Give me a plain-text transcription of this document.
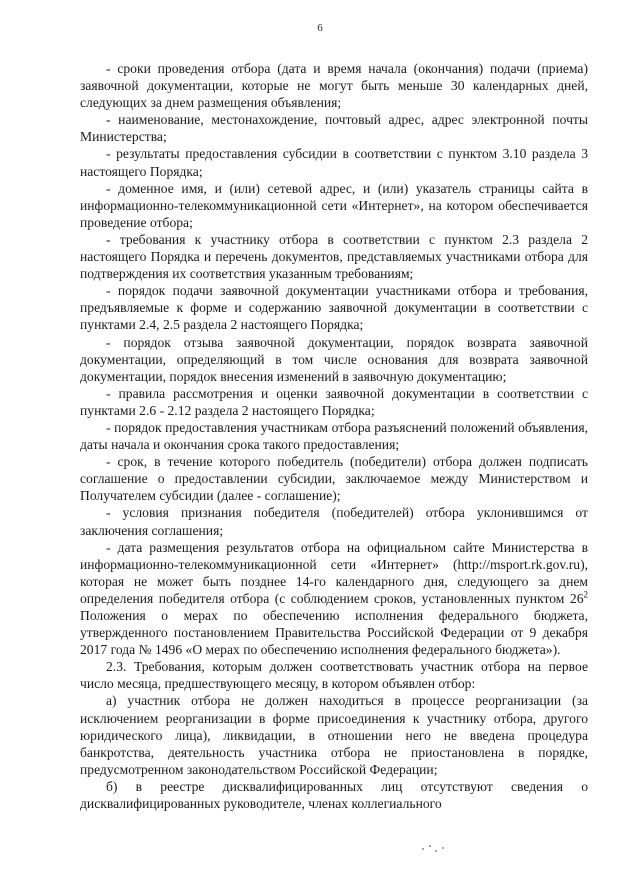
6

- сроки проведения отбора (дата и время начала (окончания) подачи (приема) заявочной документации, которые не могут быть меньше 30 календарных дней, следующих за днем размещения объявления;

- наименование, местонахождение, почтовый адрес, адрес электронной почты Министерства;

- результаты предоставления субсидии в соответствии с пунктом 3.10 раздела 3 настоящего Порядка;

- доменное имя, и (или) сетевой адрес, и (или) указатель страницы сайта в информационно-телекоммуникационной сети «Интернет», на котором обеспечивается проведение отбора;

- требования к участнику отбора в соответствии с пунктом 2.3 раздела 2 настоящего Порядка и перечень документов, представляемых участниками отбора для подтверждения их соответствия указанным требованиям;

- порядок подачи заявочной документации участниками отбора и требования, предъявляемые к форме и содержанию заявочной документации в соответствии с пунктами 2.4, 2.5 раздела 2 настоящего Порядка;

- порядок отзыва заявочной документации, порядок возврата заявочной документации, определяющий в том числе основания для возврата заявочной документации, порядок внесения изменений в заявочную документацию;

- правила рассмотрения и оценки заявочной документации в соответствии с пунктами 2.6 - 2.12 раздела 2 настоящего Порядка;

- порядок предоставления участникам отбора разъяснений положений объявления, даты начала и окончания срока такого предоставления;

- срок, в течение которого победитель (победители) отбора должен подписать соглашение о предоставлении субсидии, заключаемое между Министерством и Получателем субсидии (далее - соглашение);

- условия признания победителя (победителей) отбора уклонившимся от заключения соглашения;

- дата размещения результатов отбора на официальном сайте Министерства в информационно-телекоммуникационной сети «Интернет» (http://msport.rk.gov.ru), которая не может быть позднее 14-го календарного дня, следующего за днем определения победителя отбора (с соблюдением сроков, установленных пунктом $26^2$ Положения о мерах по обеспечению исполнения федерального бюджета, утвержденного постановлением Правительства Российской Федерации от 9 декабря 2017 года № 1496 «О мерах по обеспечению исполнения федерального бюджета»).

2.3. Требования, которым должен соответствовать участник отбора на первое число месяца, предшествующего месяцу, в котором объявлен отбор:

а) участник отбора не должен находиться в процессе реорганизации (за исключением реорганизации в форме присоединения к участнику отбора, другого юридического лица), ликвидации, в отношении него не введена процедура банкротства, деятельность участника отбора не приостановлена в порядке, предусмотренном законодательством Российской Федерации;

б) в реестре дисквалифицированных лиц отсутствуют сведения о дисквалифицированных руководителе, членах коллегиального
